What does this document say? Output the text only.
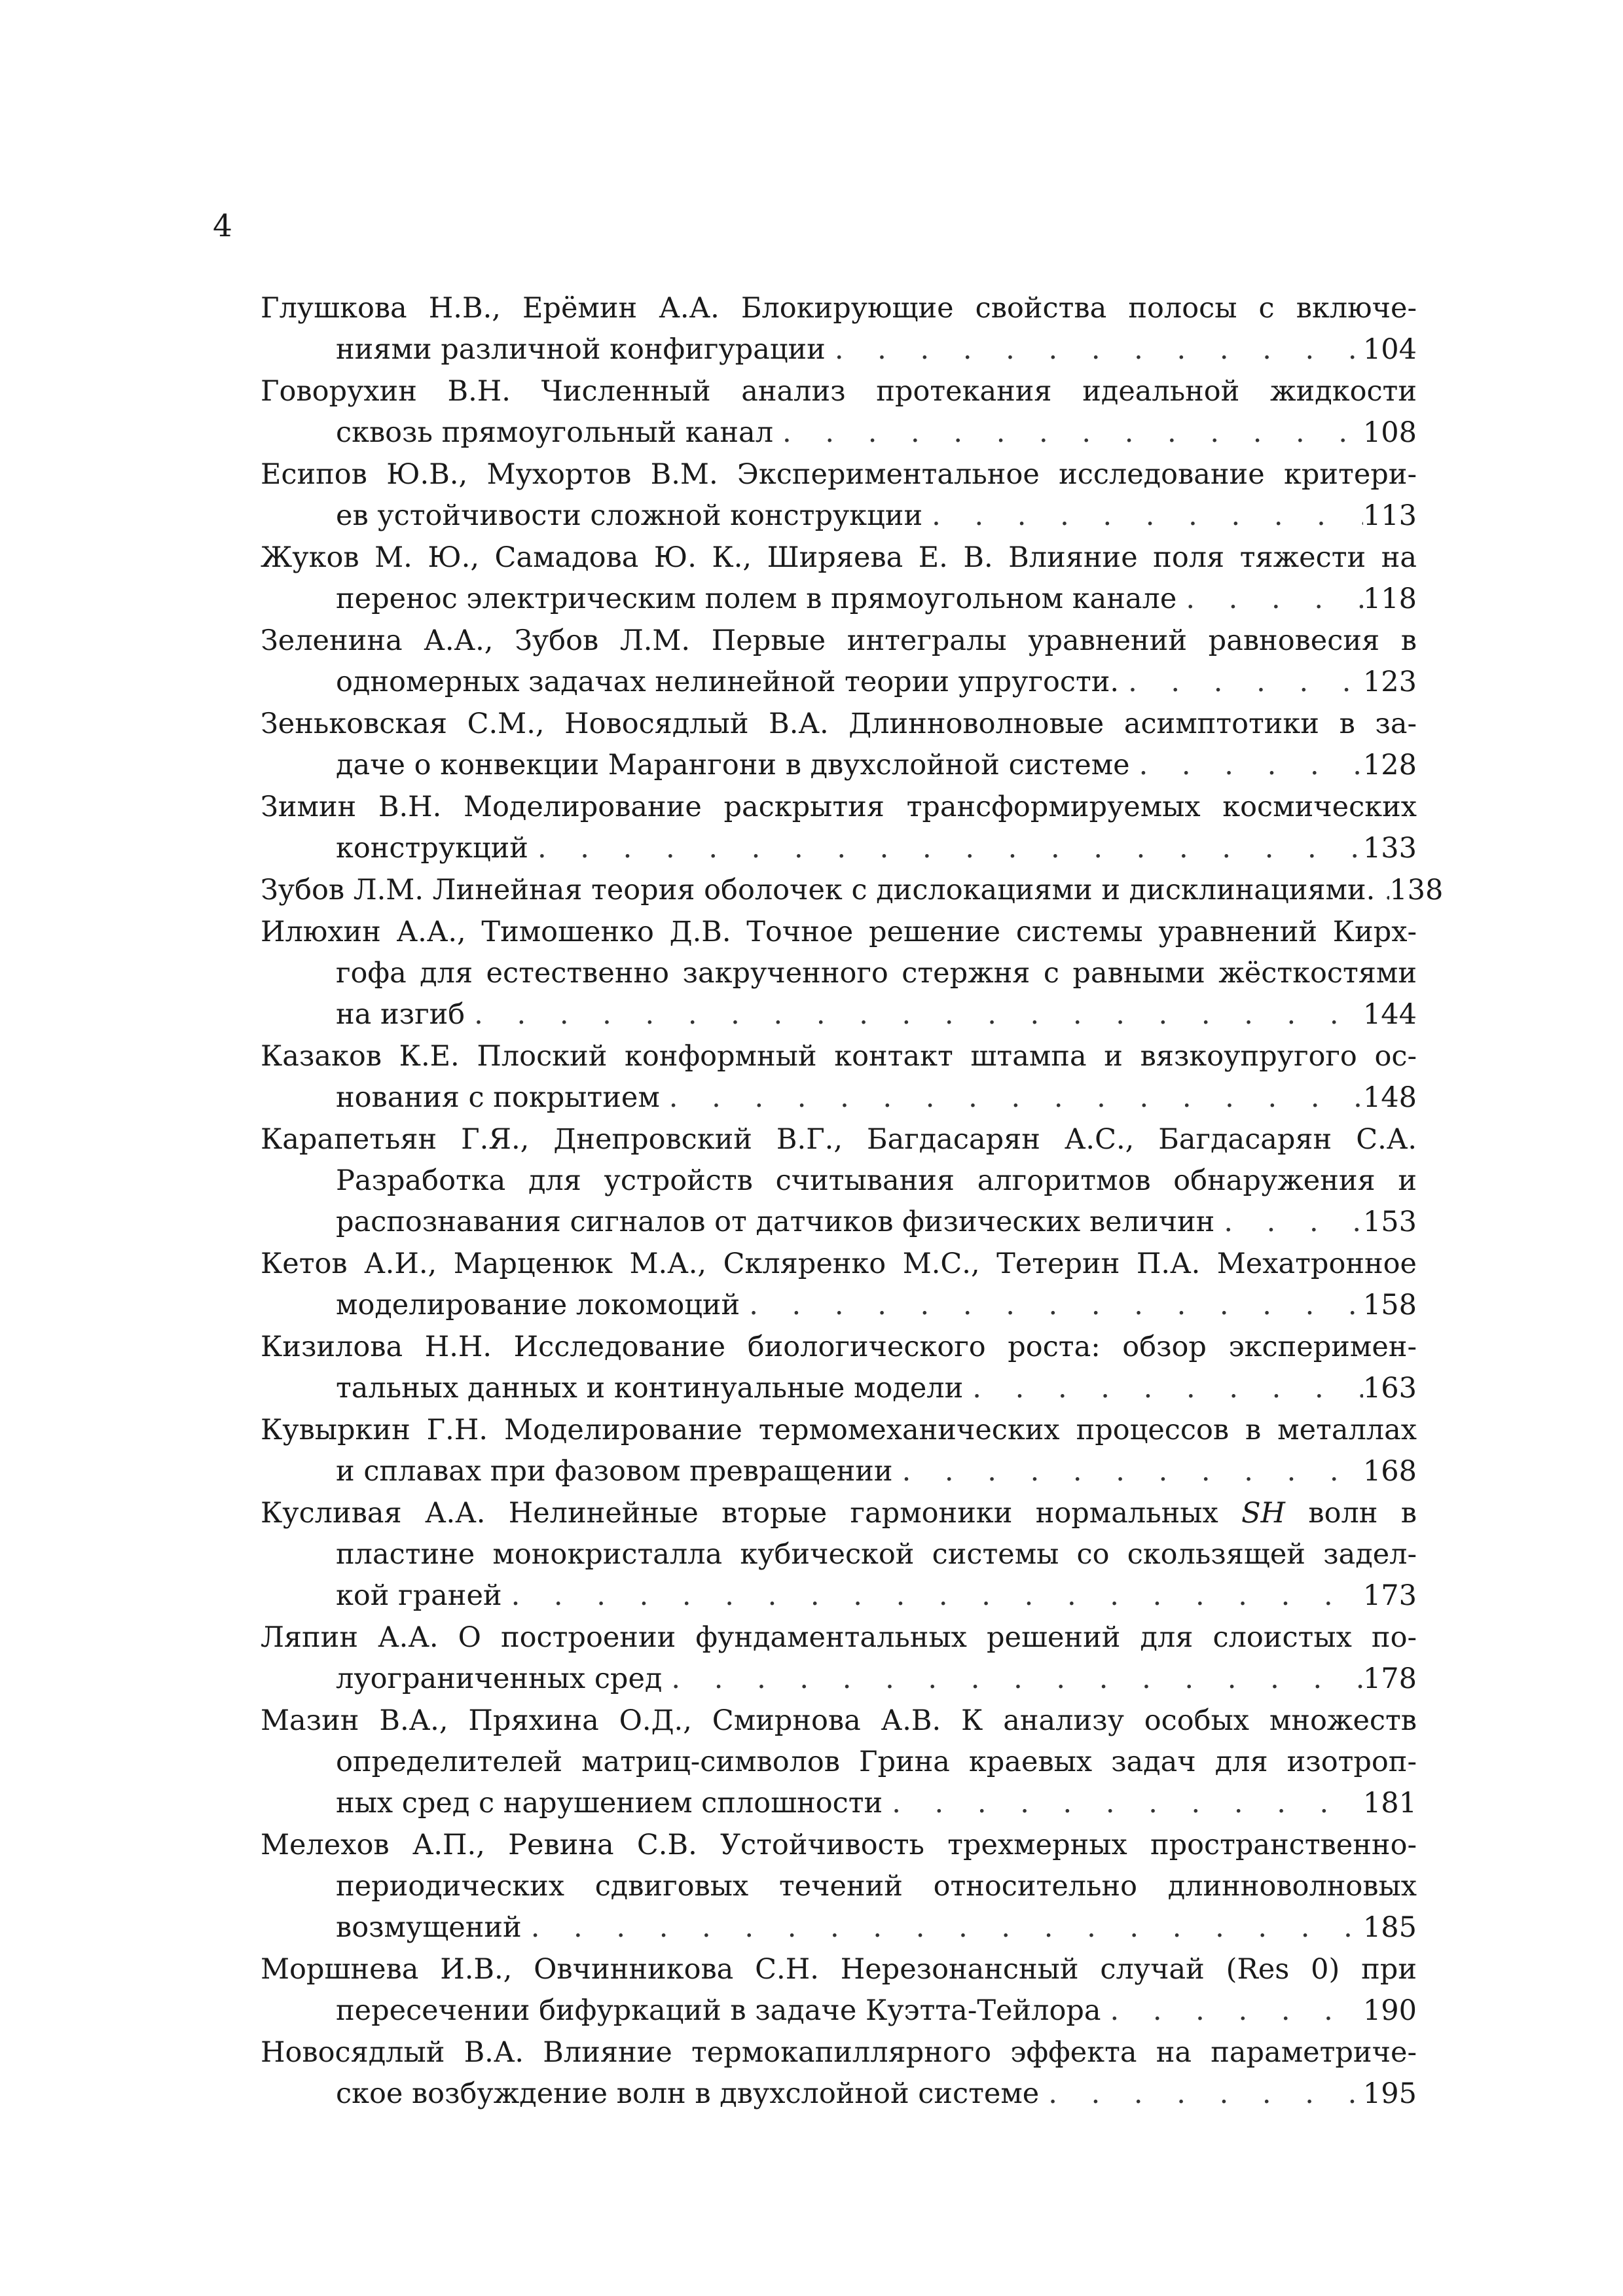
4
Глушкова Н.В., Ерёмин А.А. Блокирующие свойства полосы с включе-
ниями различной конфигурации . . .	104
Говорухин В.Н. Численный анализ протекания идеальной жидкости
сквозь прямоугольный канал . . .	108
Есипов Ю.В., Мухортов В.М. Экспериментальное исследование критери-
ев устойчивости сложной конструкции . . .	113
Жуков М. Ю., Самадова Ю. К., Ширяева Е. В. Влияние поля тяжести на
перенос электрическим полем в прямоугольном канале . . .	118
Зеленина А.А., Зубов Л.М. Первые интегралы уравнений равновесия в
одномерных задачах нелинейной теории упругости. . . .	123
Зеньковская С.М., Новосядлый В.А. Длинноволновые асимптотики в за-
даче о конвекции Марангони в двухслойной системе . . .	128
Зимин В.Н. Моделирование раскрытия трансформируемых космических
конструкций . . .	133
Зубов Л.М. Линейная теория оболочек с дислокациями и дисклинациями. . . . 138
Илюхин А.А., Тимошенко Д.В. Точное решение системы уравнений Кирх-
гофа для естественно закрученного стержня с равными жёсткостями
на изгиб . . .	144
Казаков К.Е. Плоский конформный контакт штампа и вязкоупругого ос-
нования с покрытием . . .	148
Карапетьян Г.Я., Днепровский В.Г., Багдасарян А.С., Багдасарян С.А.
Разработка для устройств считывания алгоритмов обнаружения и
распознавания сигналов от датчиков физических величин . . .	153
Кетов А.И., Марценюк М.А., Скляренко М.С., Тетерин П.А. Мехатронное
моделирование локомоций . . .	158
Кизилова Н.Н. Исследование биологического роста: обзор эксперимен-
тальных данных и континуальные модели . . .	163
Кувыркин Г.Н. Моделирование термомеханических процессов в металлах
и сплавах при фазовом превращении . . .	168
Кусливая А.А. Нелинейные вторые гармоники нормальных SH волн в
пластине монокристалла кубической системы со скользящей задел-
кой граней . . .	173
Ляпин А.А. О построении фундаментальных решений для слоистых по-
луограниченных сред . . .	178
Мазин В.А., Пряхина О.Д., Смирнова А.В. К анализу особых множеств
определителей матриц-символов Грина краевых задач для изотроп-
ных сред с нарушением сплошности . . .	181
Мелехов А.П., Ревина С.В. Устойчивость трехмерных пространственно-
периодических сдвиговых течений относительно длинноволновых
возмущений . . .	185
Моршнева И.В., Овчинникова С.Н. Нерезонансный случай (Res 0) при
пересечении бифуркаций в задаче Куэтта-Тейлора . . .	190
Новосядлый В.А. Влияние термокапиллярного эффекта на параметриче-
ское возбуждение волн в двухслойной системе . . .	195
